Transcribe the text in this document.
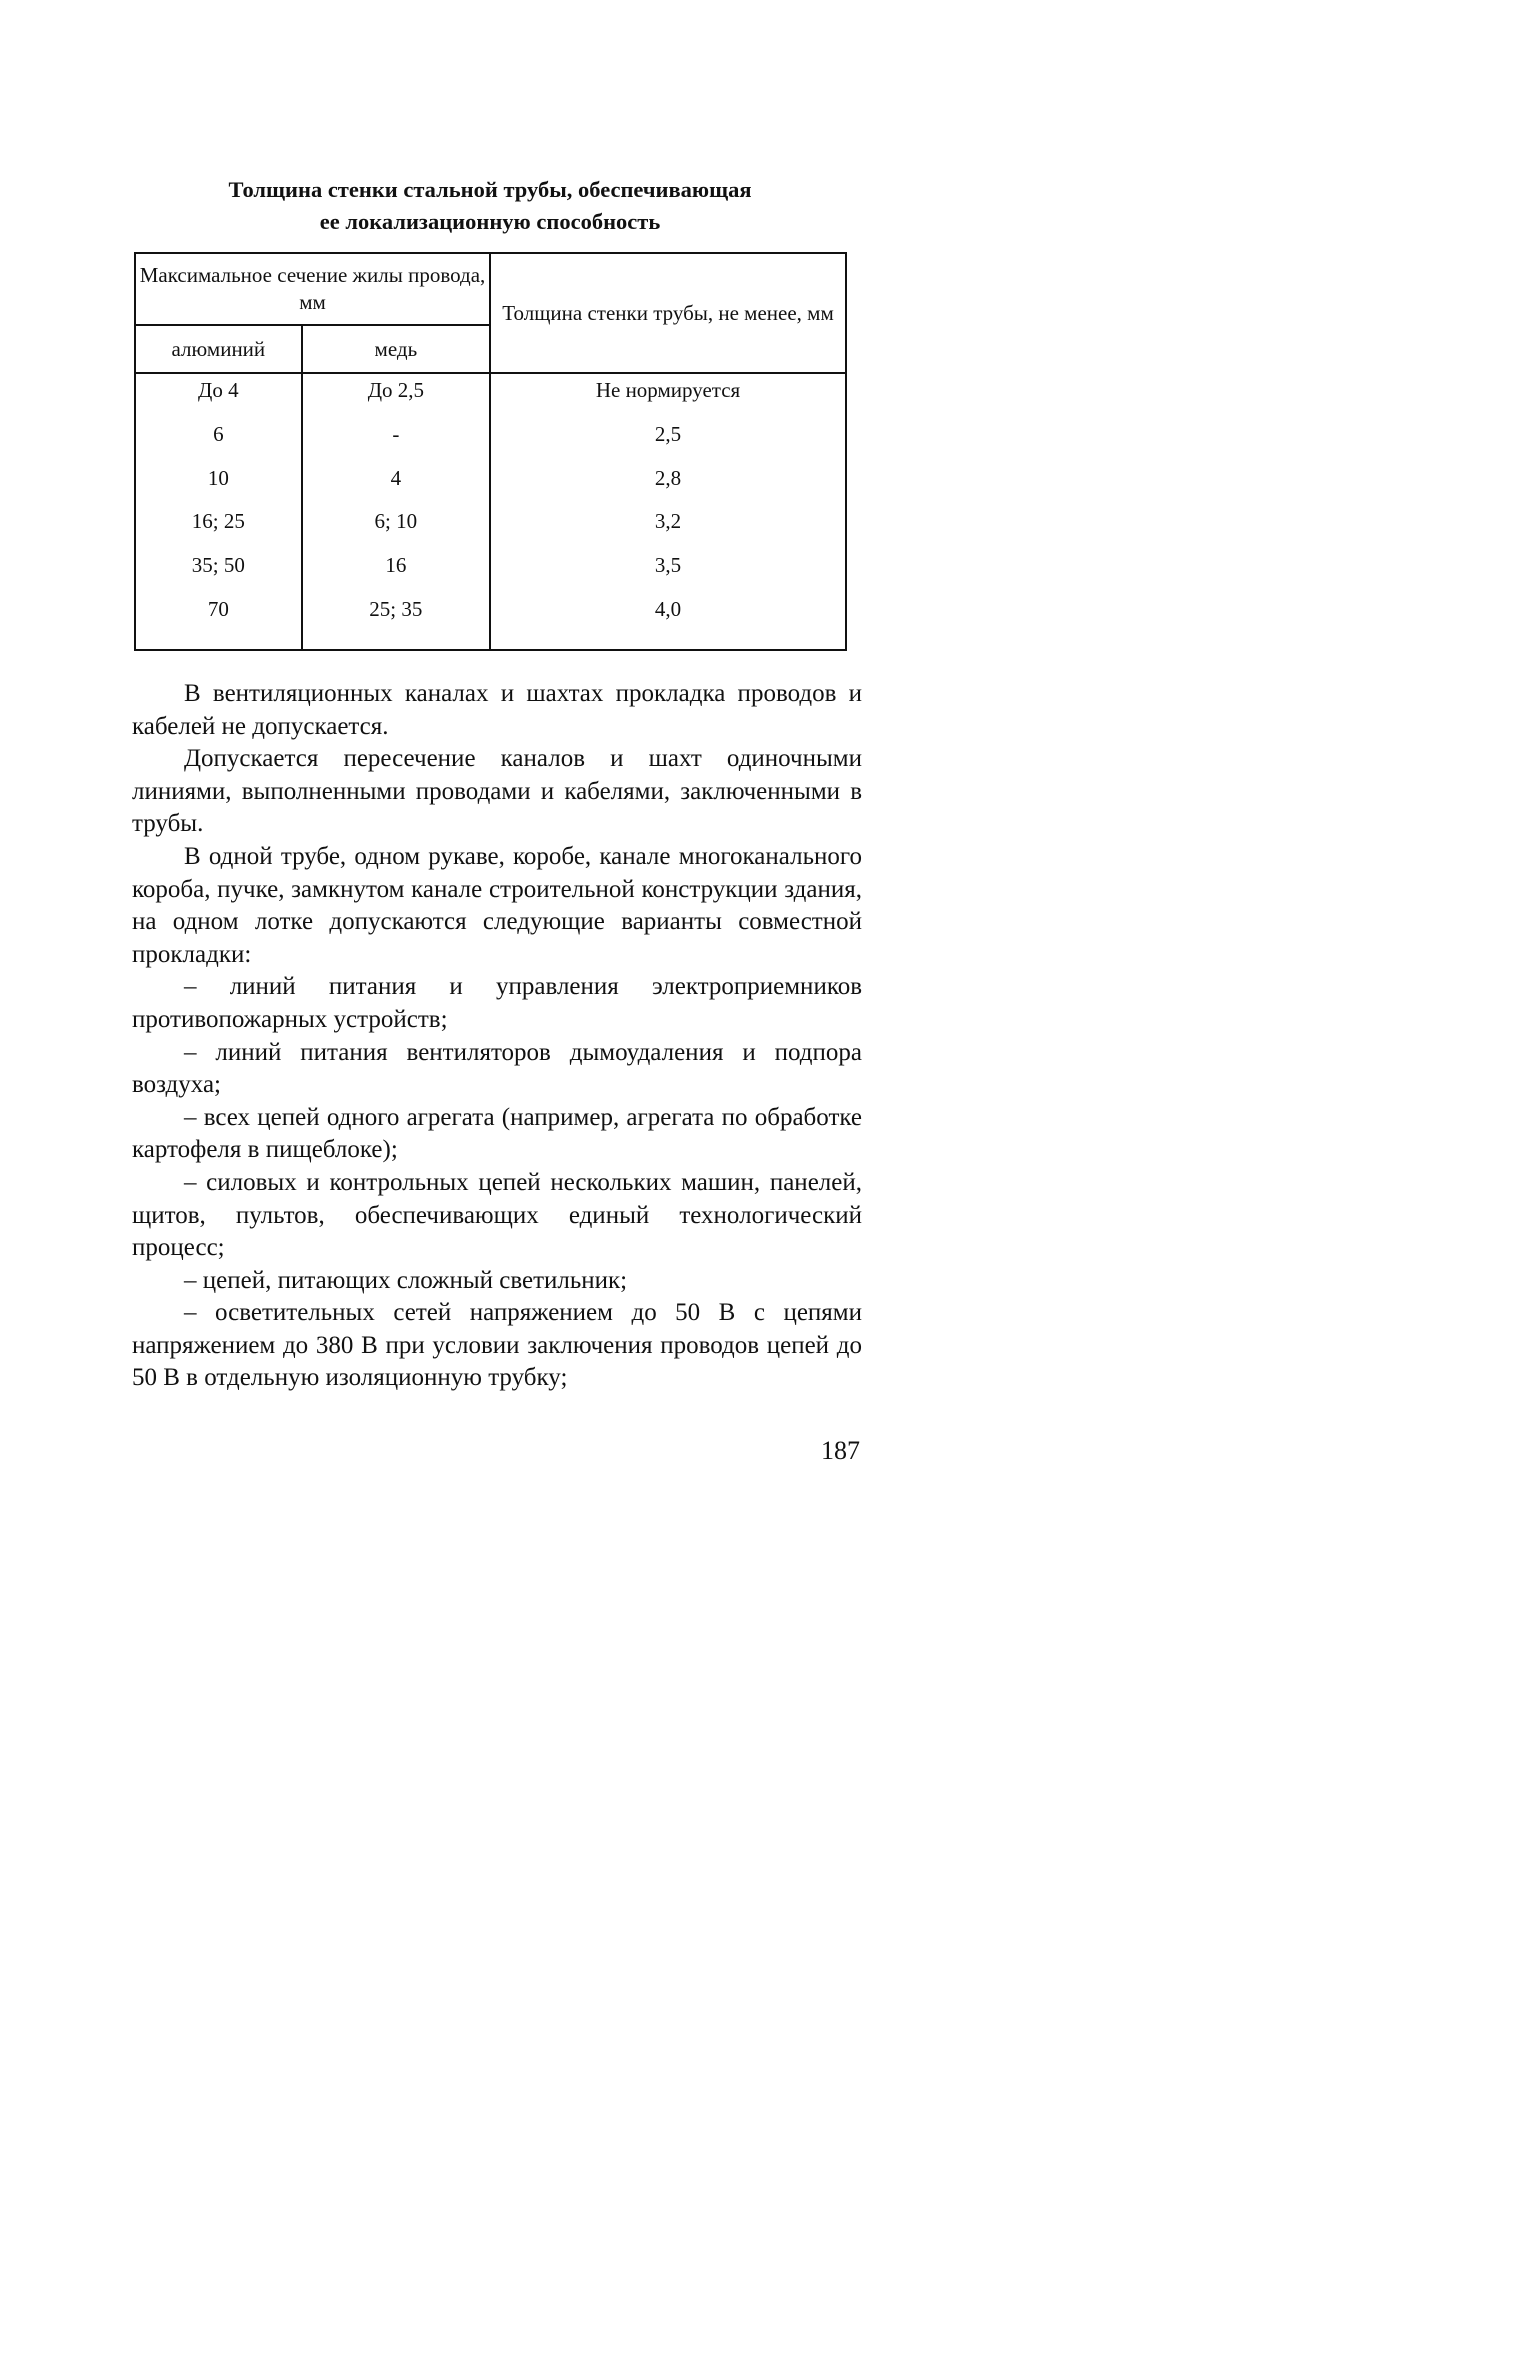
Толщина стенки стальной трубы, обеспечивающая
ее локализационную способность
Максимальное сечение жилы провода, мм		Толщина стенки трубы, не менее, мм
алюминий	медь	
До 4	До 2,5	Не нормируется
6	-	2,5
10	4	2,8
16; 25	6; 10	3,2
35; 50	16	3,5
70	25; 35	4,0

В вентиляционных каналах и шахтах прокладка проводов и кабелей не допускается.

Допускается пересечение каналов и шахт одиночными линиями, выполненными проводами и кабелями, заключенными в трубы.

В одной трубе, одном рукаве, коробе, канале многоканального короба, пучке, замкнутом канале строительной конструкции здания, на одном лотке допускаются следующие варианты совместной прокладки:

– линий питания и управления электроприемников противопожарных устройств;

– линий питания вентиляторов дымоудаления и подпора воздуха;

– всех цепей одного агрегата (например, агрегата по обработке картофеля в пищеблоке);

– силовых и контрольных цепей нескольких машин, панелей, щитов, пультов, обеспечивающих единый технологический процесс;

– цепей, питающих сложный светильник;

– осветительных сетей напряжением до 50 В с цепями напряжением до 380 В при условии заключения проводов цепей до 50 В в отдельную изоляционную трубку;

187
